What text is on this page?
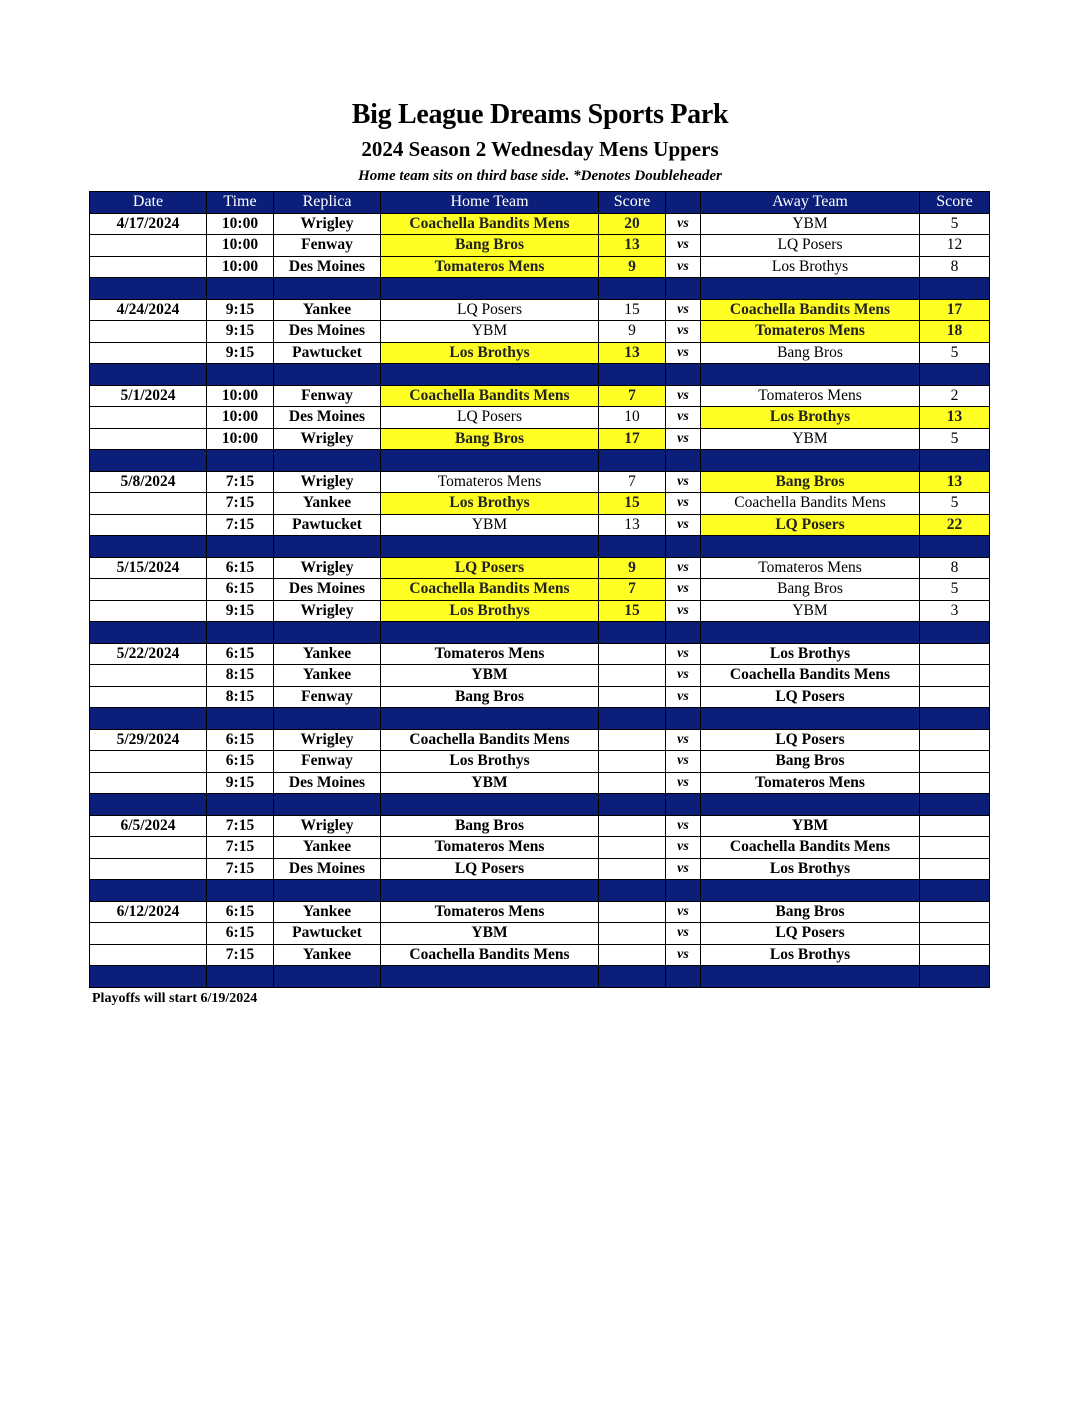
Big League Dreams Sports Park
2024 Season 2 Wednesday Mens Uppers
Home team sits on third base side. *Denotes Doubleheader
Date	Time	Replica	Home Team	Score		Away Team	Score
4/17/2024	10:00	Wrigley	Coachella Bandits Mens	20	vs	YBM	5
	10:00	Fenway	Bang Bros	13	vs	LQ Posers	12
	10:00	Des Moines	Tomateros Mens	9	vs	Los Brothys	8

4/24/2024	9:15	Yankee	LQ Posers	15	vs	Coachella Bandits Mens	17
	9:15	Des Moines	YBM	9	vs	Tomateros Mens	18
	9:15	Pawtucket	Los Brothys	13	vs	Bang Bros	5

5/1/2024	10:00	Fenway	Coachella Bandits Mens	7	vs	Tomateros Mens	2
	10:00	Des Moines	LQ Posers	10	vs	Los Brothys	13
	10:00	Wrigley	Bang Bros	17	vs	YBM	5

5/8/2024	7:15	Wrigley	Tomateros Mens	7	vs	Bang Bros	13
	7:15	Yankee	Los Brothys	15	vs	Coachella Bandits Mens	5
	7:15	Pawtucket	YBM	13	vs	LQ Posers	22

5/15/2024	6:15	Wrigley	LQ Posers	9	vs	Tomateros Mens	8
	6:15	Des Moines	Coachella Bandits Mens	7	vs	Bang Bros	5
	9:15	Wrigley	Los Brothys	15	vs	YBM	3

5/22/2024	6:15	Yankee	Tomateros Mens		vs	Los Brothys	
	8:15	Yankee	YBM		vs	Coachella Bandits Mens	
	8:15	Fenway	Bang Bros		vs	LQ Posers	

5/29/2024	6:15	Wrigley	Coachella Bandits Mens		vs	LQ Posers	
	6:15	Fenway	Los Brothys		vs	Bang Bros	
	9:15	Des Moines	YBM		vs	Tomateros Mens	

6/5/2024	7:15	Wrigley	Bang Bros		vs	YBM	
	7:15	Yankee	Tomateros Mens		vs	Coachella Bandits Mens	
	7:15	Des Moines	LQ Posers		vs	Los Brothys	

6/12/2024	6:15	Yankee	Tomateros Mens		vs	Bang Bros	
	6:15	Pawtucket	YBM		vs	LQ Posers	
	7:15	Yankee	Coachella Bandits Mens		vs	Los Brothys	

Playoffs will start 6/19/2024
